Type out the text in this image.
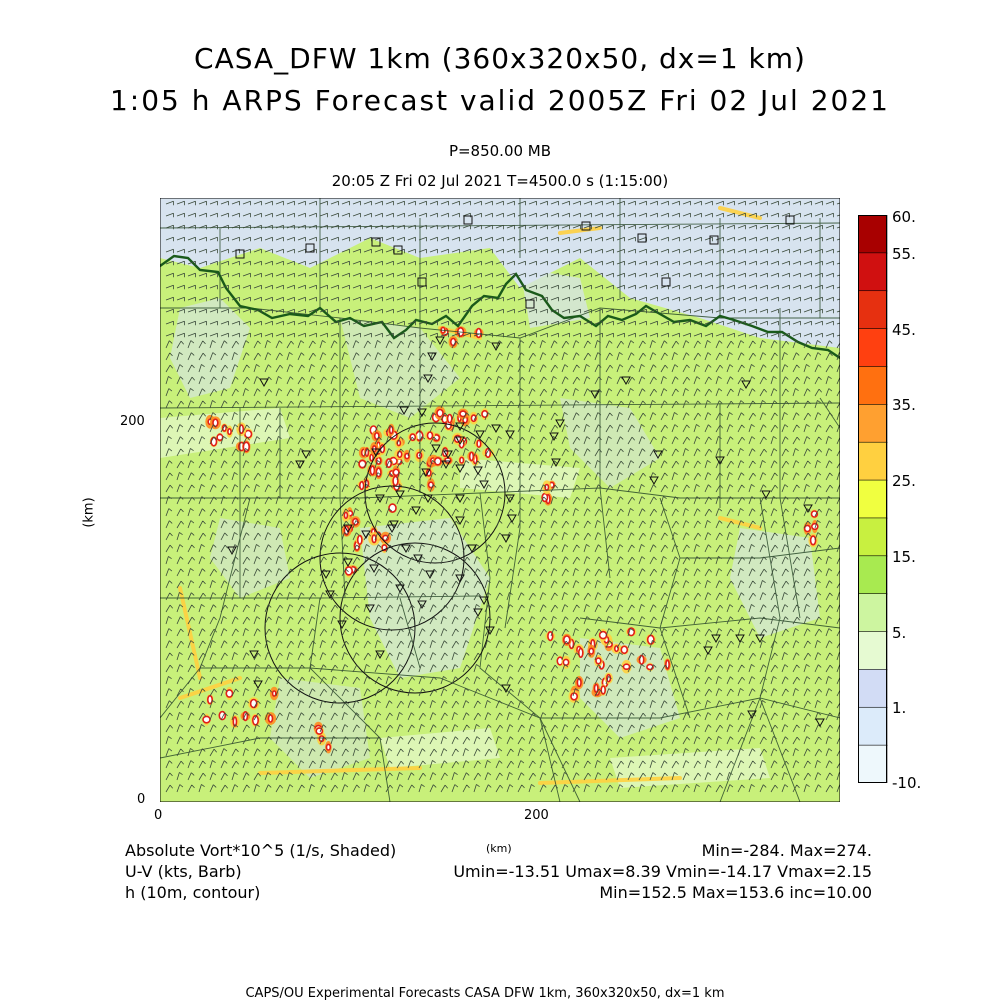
CASA_DFW 1km (360x320x50, dx=1 km)
1:05 h ARPS Forecast valid 2005Z Fri 02 Jul 2021
P=850.00 MB
20:05 Z Fri 02 Jul 2021 T=4500.0 s (1:15:00)
200
0
0	200
(km)
(km)
60.
55.
45.
35.
25.
15.
5.
1.
-10.
Absolute Vort*10^5 (1/s, Shaded)	Min=-284. Max=274.
U-V (kts, Barb)	Umin=-13.51 Umax=8.39 Vmin=-14.17 Vmax=2.15
h (10m, contour)	Min=152.5 Max=153.6 inc=10.00
CAPS/OU Experimental Forecasts CASA DFW 1km, 360x320x50, dx=1 km
